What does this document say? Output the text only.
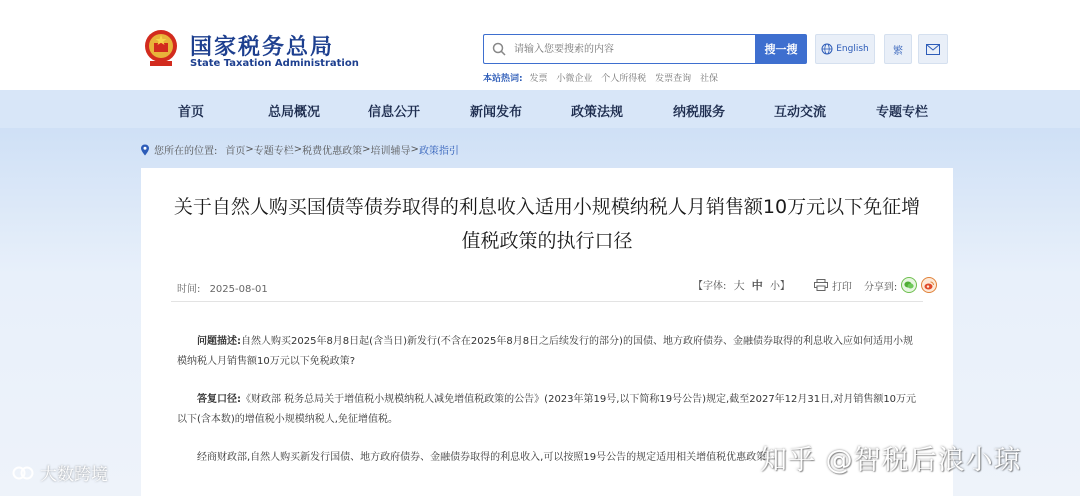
国家税务总局
State Taxation Administration
请输入您要搜索的内容
搜一搜
本站热词: 发票 小微企业 个人所得税 发票查询 社保
English	繁
首页	总局概况	信息公开	新闻发布	政策法规	纳税服务	互动交流	专题专栏
您所在的位置: 首页 > 专题专栏 > 税费优惠政策 > 培训辅导 > 政策指引
关于自然人购买国债等债券取得的利息收入适用小规模纳税人月销售额10万元以下免征增值税政策的执行口径
时间: 2025-08-01	【字体: 大 中 小】	打印 分享到:
问题描述:自然人购买2025年8月8日起(含当日)新发行(不含在2025年8月8日之后续发行的部分)的国债、地方政府债券、金融债券取得的利息收入应如何适用小规模纳税人月销售额10万元以下免税政策?
答复口径:《财政部 税务总局关于增值税小规模纳税人减免增值税政策的公告》(2023年第19号,以下简称19号公告)规定,截至2027年12月31日,对月销售额10万元以下(含本数)的增值税小规模纳税人,免征增值税。
经商财政部,自然人购买新发行国债、地方政府债券、金融债券取得的利息收入,可以按照19号公告的规定适用相关增值税优惠政策
知乎 @智税后浪小琼
大数跨境
